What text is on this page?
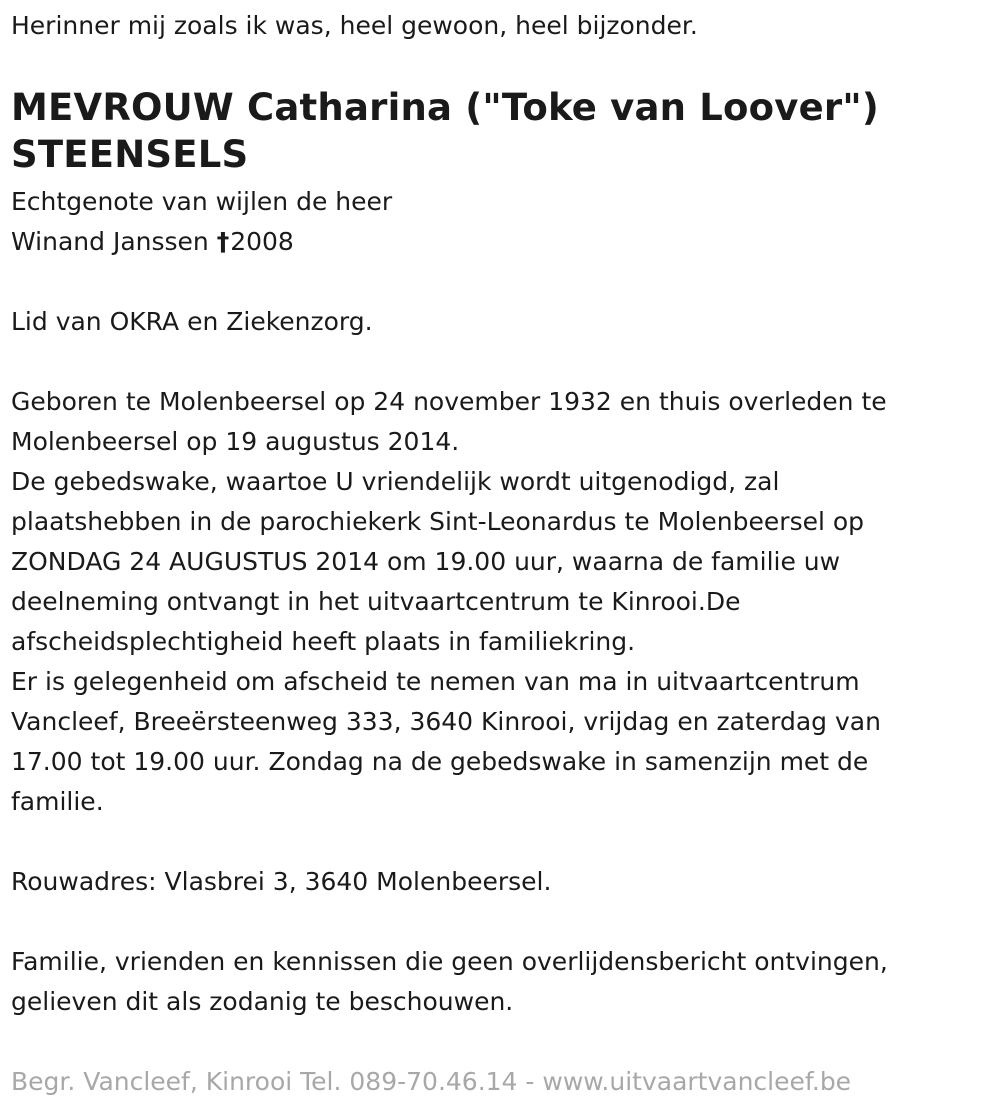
Herinner mij zoals ik was, heel gewoon, heel bijzonder.

MEVROUW Catharina ("Toke van Loover")
STEENSELS

Echtgenote van wijlen de heer

Winand Janssen †2008

Lid van OKRA en Ziekenzorg.

Geboren te Molenbeersel op 24 november 1932 en thuis overleden te

Molenbeersel op 19 augustus 2014.

De gebedswake, waartoe U vriendelijk wordt uitgenodigd, zal

plaatshebben in de parochiekerk Sint-Leonardus te Molenbeersel op

ZONDAG 24 AUGUSTUS 2014 om 19.00 uur, waarna de familie uw

deelneming ontvangt in het uitvaartcentrum te Kinrooi.De

afscheidsplechtigheid heeft plaats in familiekring.

Er is gelegenheid om afscheid te nemen van ma in uitvaartcentrum

Vancleef, Breeërsteenweg 333, 3640 Kinrooi, vrijdag en zaterdag van

17.00 tot 19.00 uur. Zondag na de gebedswake in samenzijn met de

familie.

Rouwadres: Vlasbrei 3, 3640 Molenbeersel.

Familie, vrienden en kennissen die geen overlijdensbericht ontvingen,

gelieven dit als zodanig te beschouwen.

Begr. Vancleef, Kinrooi Tel. 089-70.46.14 - www.uitvaartvancleef.be
